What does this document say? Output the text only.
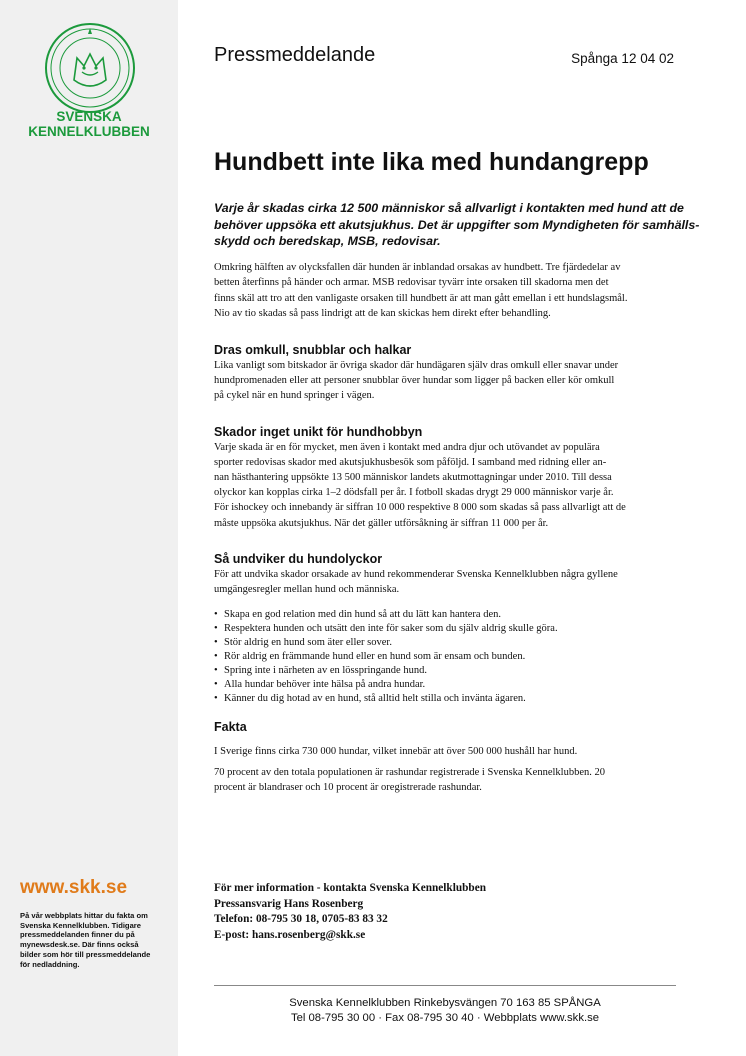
SVENSKA
KENNELKLUBBEN
www.skk.se
På vår webbplats hittar du fakta om
Svenska Kennelklubben. Tidigare
pressmeddelanden finner du på
mynewsdesk.se. Där finns också
bilder som hör till pressmeddelande
för nedladdning.
Pressmeddelande	Spånga 12 04 02
Hundbett inte lika med hundangrepp
Varje år skadas cirka 12 500 människor så allvarligt i kontakten med hund att de
behöver uppsöka ett akutsjukhus. Det är uppgifter som Myndigheten för samhälls-
skydd och beredskap, MSB, redovisar.
Omkring hälften av olycksfallen där hunden är inblandad orsakas av hundbett. Tre fjärdedelar av
betten återfinns på händer och armar. MSB redovisar tyvärr inte orsaken till skadorna men det
finns skäl att tro att den vanligaste orsaken till hundbett är att man gått emellan i ett hundslagsmål.
Nio av tio skadas så pass lindrigt att de kan skickas hem direkt efter behandling.
Dras omkull, snubblar och halkar
Lika vanligt som bitskador är övriga skador där hundägaren själv dras omkull eller snavar under
hundpromenaden eller att personer snubblar över hundar som ligger på backen eller kör omkull
på cykel när en hund springer i vägen.
Skador inget unikt för hundhobbyn
Varje skada är en för mycket, men även i kontakt med andra djur och utövandet av populära
sporter redovisas skador med akutsjukhusbesök som påföljd. I samband med ridning eller an-
nan hästhantering uppsökte 13 500 människor landets akutmottagningar under 2010. Till dessa
olyckor kan kopplas cirka 1–2 dödsfall per år. I fotboll skadas drygt 29 000 människor varje år.
För ishockey och innebandy är siffran 10 000 respektive 8 000 som skadas så pass allvarligt att de
måste uppsöka akutsjukhus. När det gäller utförsåkning är siffran 11 000 per år.
Så undviker du hundolyckor
För att undvika skador orsakade av hund rekommenderar Svenska Kennelklubben några gyllene
umgängesregler mellan hund och människa.
• Skapa en god relation med din hund så att du lätt kan hantera den.
• Respektera hunden och utsätt den inte för saker som du själv aldrig skulle göra.
• Stör aldrig en hund som äter eller sover.
• Rör aldrig en främmande hund eller en hund som är ensam och bunden.
• Spring inte i närheten av en lösspringande hund.
• Alla hundar behöver inte hälsa på andra hundar.
• Känner du dig hotad av en hund, stå alltid helt stilla och invänta ägaren.
Fakta

I Sverige finns cirka 730 000 hundar, vilket innebär att över 500 000 hushåll har hund.

70 procent av den totala populationen är rashundar registrerade i Svenska Kennelklubben. 20
procent är blandraser och 10 procent är oregistrerade rashundar.

För mer information - kontakta Svenska Kennelklubben
Pressansvarig Hans Rosenberg
Telefon: 08-795 30 18, 0705-83 83 32
E-post: hans.rosenberg@skk.se
Svenska Kennelklubben Rinkebysvängen 70 163 85 SPÅNGA
Tel 08-795 30 00 · Fax 08-795 30 40 · Webbplats www.skk.se
